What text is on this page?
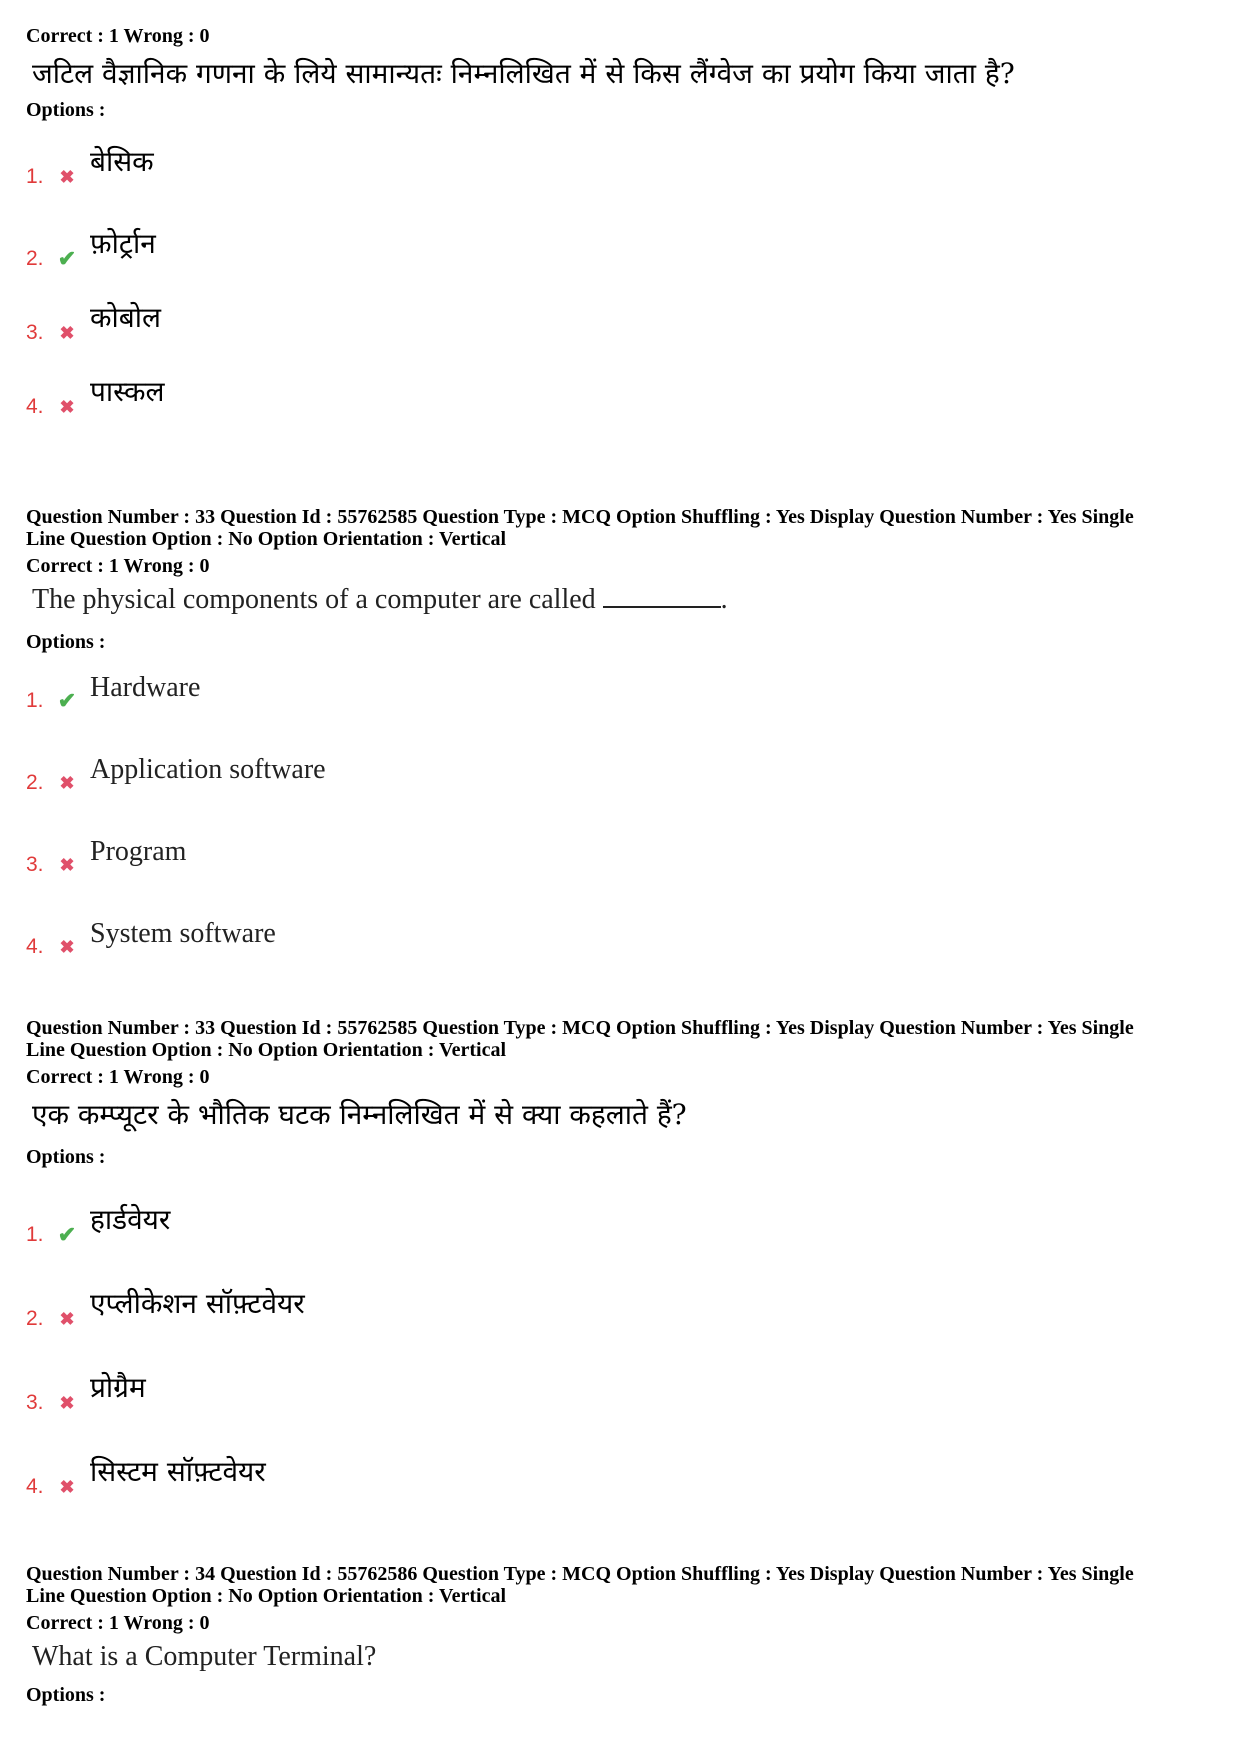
Correct : 1 Wrong : 0
जटिल वैज्ञानिक गणना के लिये सामान्यतः निम्नलिखित में से किस लैंग्वेज का प्रयोग किया जाता है?
Options :
1. ✖ बेसिक
2. ✔ फ़ोर्ट्रान
3. ✖ कोबोल
4. ✖ पास्कल
Question Number : 33 Question Id : 55762585 Question Type : MCQ Option Shuffling : Yes Display Question Number : Yes Single
Line Question Option : No Option Orientation : Vertical
Correct : 1 Wrong : 0
The physical components of a computer are called	.
Options :
1. ✔ Hardware
2. ✖ Application software
3. ✖ Program
4. ✖ System software
Question Number : 33 Question Id : 55762585 Question Type : MCQ Option Shuffling : Yes Display Question Number : Yes Single
Line Question Option : No Option Orientation : Vertical
Correct : 1 Wrong : 0
एक कम्प्यूटर के भौतिक घटक निम्नलिखित में से क्या कहलाते हैं?
Options :
1. ✔ हार्डवेयर
2. ✖ एप्लीकेशन सॉफ़्टवेयर
3. ✖ प्रोग्रैम
4. ✖ सिस्टम सॉफ़्टवेयर
Question Number : 34 Question Id : 55762586 Question Type : MCQ Option Shuffling : Yes Display Question Number : Yes Single
Line Question Option : No Option Orientation : Vertical
Correct : 1 Wrong : 0
What is a Computer Terminal?
Options :
